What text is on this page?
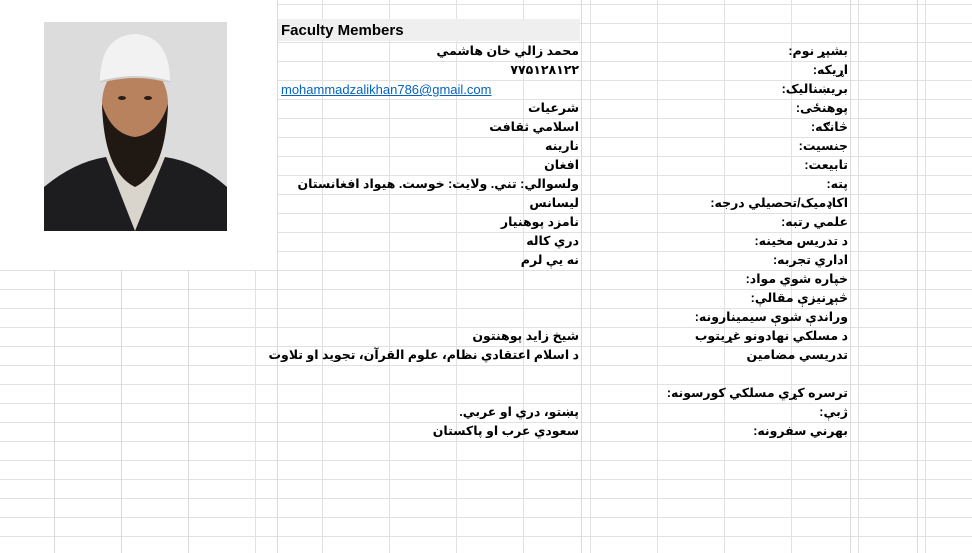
Faculty Members
بشپړ نوم:
محمد زالي خان هاشمي
اړیکه:
۷۷۵۱۲۸۱۲۲
بریښنالیک:
پوهنځی:
شرعیات
څانګه:
اسلامي ثقافت
جنسیت:
نارینه
تابیعت:
افغان
پته:
ولسوالي: تني. ولایت: خوست. هیواد افغانستان
اکاډمیک/تحصیلي درجه:
لیسانس
علمي رتبه:
نامزد پوهنیار
د تدریس مخینه:
دري کاله
اداري تجربه:
نه یې لرم
خپاره شوي مواد:
څېړنیزې مقالې:
وراندې شوې سیمینارونه:
د مسلکي نهادونو غړیتوب
شیخ زاید پوهنتون
تدریسي مضامین
د اسلام اعتقادي نظام، علوم القرآن، تجوید او تلاوت
ترسره کړي مسلکي کورسونه:
ژبې:
پښتو، دري او عربي.
بهرني سفرونه:
سعودي عرب او پاکستان
mohammadzalikhan786@gmail.com
